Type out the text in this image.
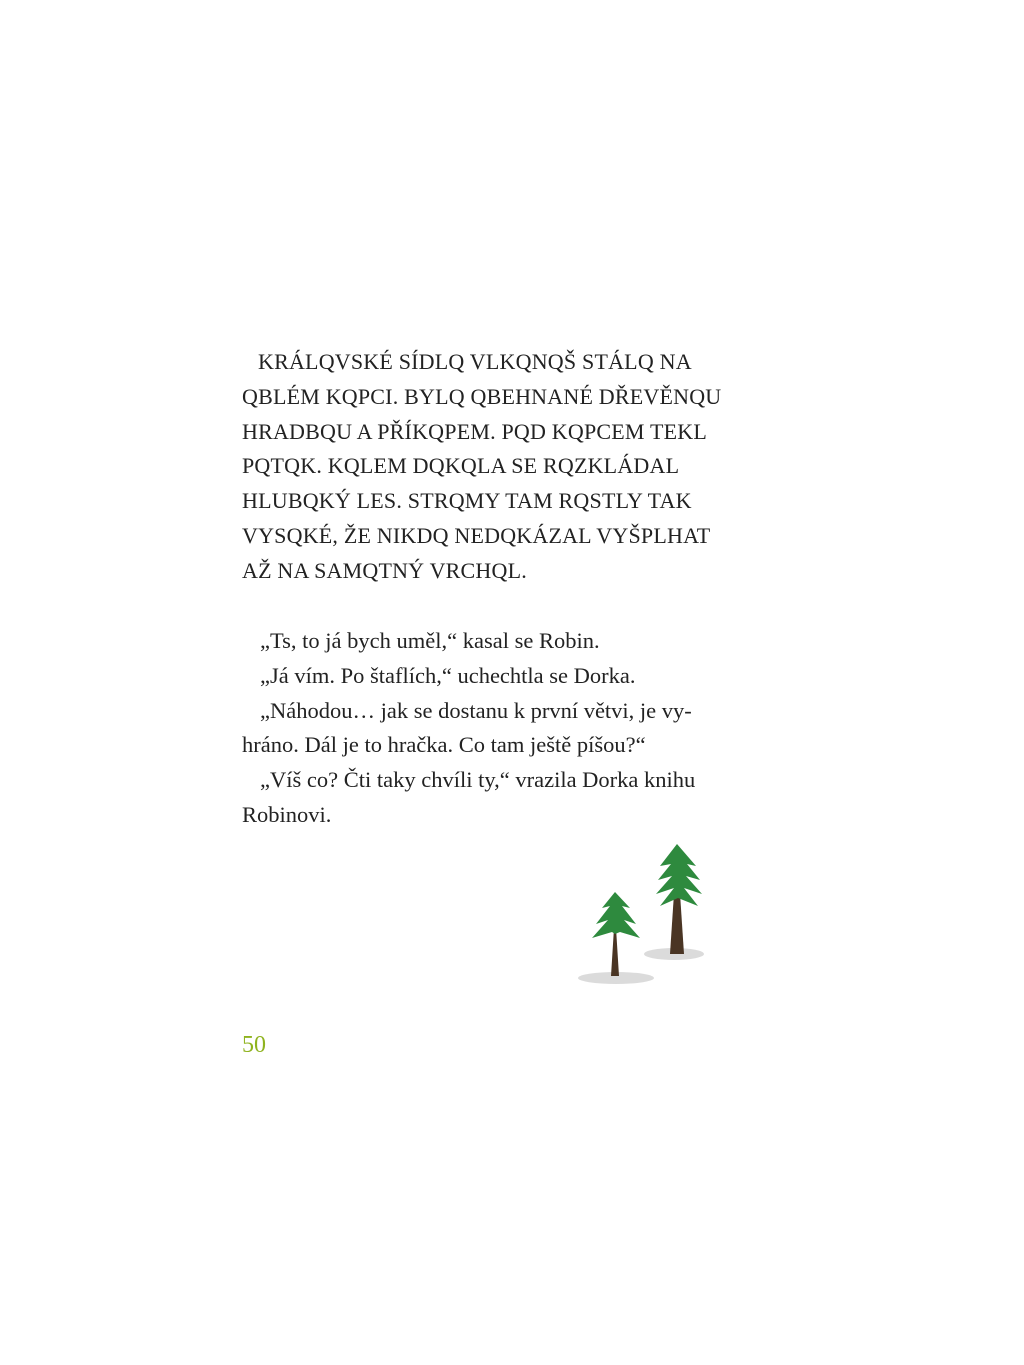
KRÁLQVSKÉ SÍDLQ VLKQNQŠ STÁLQ NA
QBLÉM KQPCI. BYLQ QBEHNANÉ DŘEVĚNQU
HRADBQU A PŘÍKQPEM. PQD KQPCEM TEKL
PQTQK. KQLEM DQKQLA SE RQZKLÁDAL
HLUBQKÝ LES. STRQMY TAM RQSTLY TAK
VYSQKÉ, ŽE NIKDQ NEDQKÁZAL VYŠPLHAT
AŽ NA SAMQTNÝ VRCHQL.
„Ts, to já bych uměl,“ kasal se Robin.
„Já vím. Po štaflích,“ uchechtla se Dorka.
„Náhodou… jak se dostanu k první větvi, je vy-
hráno. Dál je to hračka. Co tam ještě píšou?“
„Víš co? Čti taky chvíli ty,“ vrazila Dorka knihu
Robinovi.
50
